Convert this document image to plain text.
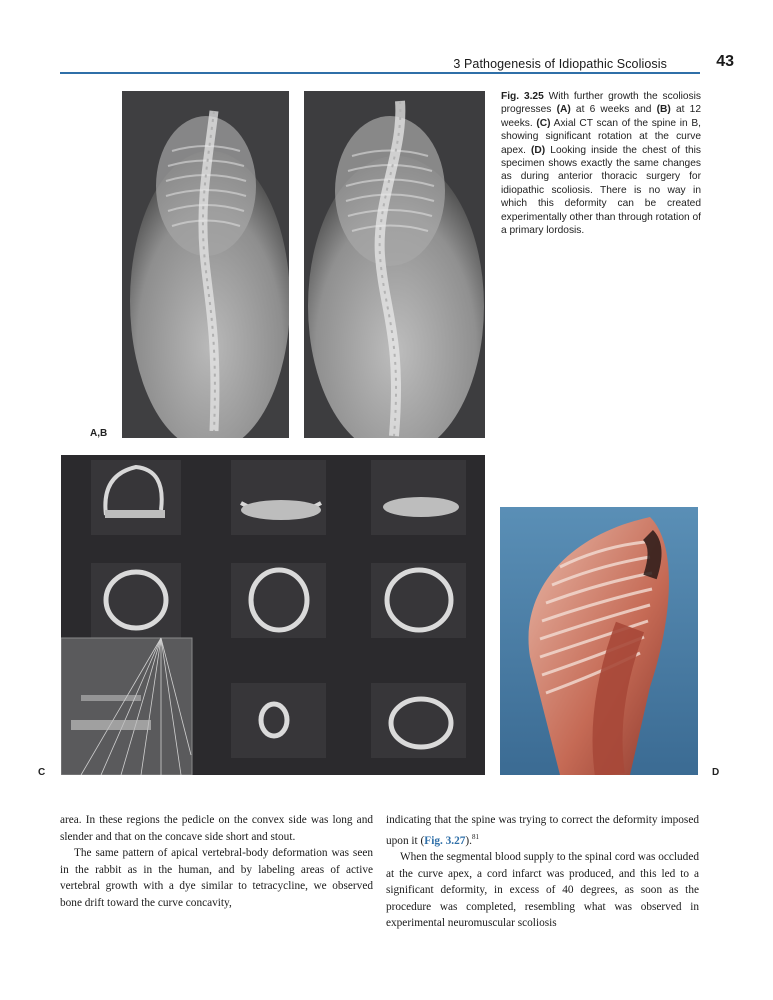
3 Pathogenesis of Idiopathic Scoliosis	43
Fig. 3.25 With further growth the scoliosis progresses (A) at 6 weeks and (B) at 12 weeks. (C) Axial CT scan of the spine in B, showing significant rotation at the curve apex. (D) Looking inside the chest of this specimen shows exactly the same changes as during anterior thoracic surgery for idiopathic scoliosis. There is no way in which this deformity can be created experimentally other than through rotation of a primary lordosis.
A,B
C	D

area. In these regions the pedicle on the convex side was long and slender and that on the concave side short and stout.

The same pattern of apical vertebral-body deformation was seen in the rabbit as in the human, and by labeling areas of active vertebral growth with a dye similar to tetracycline, we observed bone drift toward the curve concavity,

indicating that the spine was trying to correct the deformity imposed upon it (Fig. 3.27).$^{81}$

When the segmental blood supply to the spinal cord was occluded at the curve apex, a cord infarct was produced, and this led to a significant deformity, in excess of 40 degrees, as soon as the procedure was completed, resembling what was observed in experimental neuromuscular scoliosis
